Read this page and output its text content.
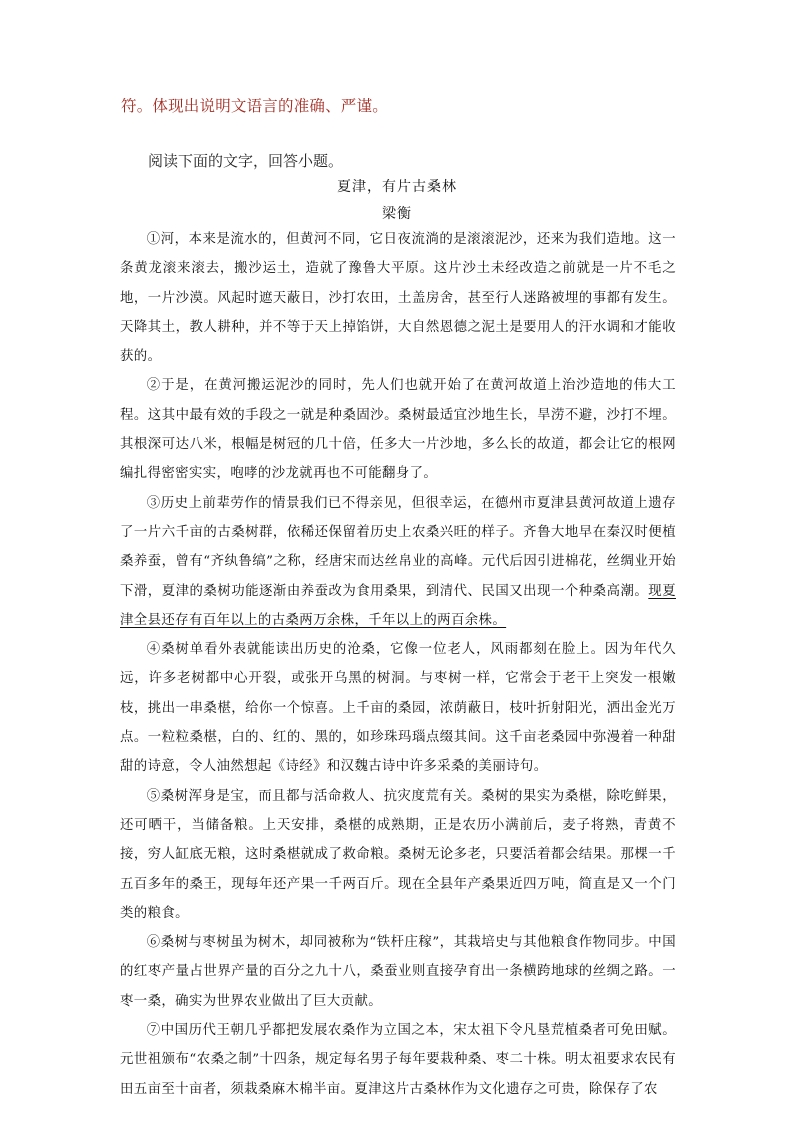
符。体现出说明文语言的准确、严谨。
阅读下面的文字，回答小题。
夏津，有片古桑林
梁衡

①河，本来是流水的，但黄河不同，它日夜流淌的是滚滚泥沙，还来为我们造地。这一条黄龙滚来滚去，搬沙运土，造就了豫鲁大平原。这片沙土未经改造之前就是一片不毛之地，一片沙漠。风起时遮天蔽日，沙打农田，土盖房舍，甚至行人迷路被埋的事都有发生。天降其土，教人耕种，并不等于天上掉馅饼，大自然恩德之泥土是要用人的汗水调和才能收获的。

②于是，在黄河搬运泥沙的同时，先人们也就开始了在黄河故道上治沙造地的伟大工程。这其中最有效的手段之一就是种桑固沙。桑树最适宜沙地生长，旱涝不避，沙打不埋。其根深可达八米，根幅是树冠的几十倍，任多大一片沙地，多么长的故道，都会让它的根网编扎得密密实实，咆哮的沙龙就再也不可能翻身了。

③历史上前辈劳作的情景我们已不得亲见，但很幸运，在德州市夏津县黄河故道上遗存了一片六千亩的古桑树群，依稀还保留着历史上农桑兴旺的样子。齐鲁大地早在秦汉时便植桑养蚕，曾有“齐纨鲁缟”之称，经唐宋而达丝帛业的高峰。元代后因引进棉花，丝绸业开始下滑，夏津的桑树功能逐渐由养蚕改为食用桑果，到清代、民国又出现一个种桑高潮。现夏津全县还存有百年以上的古桑两万余株，千年以上的两百余株。

④桑树单看外表就能读出历史的沧桑，它像一位老人，风雨都刻在脸上。因为年代久远，许多老树都中心开裂，或张开乌黑的树洞。与枣树一样，它常会于老干上突发一根嫩枝，挑出一串桑椹，给你一个惊喜。上千亩的桑园，浓荫蔽日，枝叶折射阳光，洒出金光万点。一粒粒桑椹，白的、红的、黑的，如珍珠玛瑙点缀其间。这千亩老桑园中弥漫着一种甜甜的诗意，令人油然想起《诗经》和汉魏古诗中许多采桑的美丽诗句。

⑤桑树浑身是宝，而且都与活命救人、抗灾度荒有关。桑树的果实为桑椹，除吃鲜果，还可晒干，当储备粮。上天安排，桑椹的成熟期，正是农历小满前后，麦子将熟，青黄不接，穷人缸底无粮，这时桑椹就成了救命粮。桑树无论多老，只要活着都会结果。那棵一千五百多年的桑王，现每年还产果一千两百斤。现在全县年产桑果近四万吨，简直是又一个门类的粮食。

⑥桑树与枣树虽为树木，却同被称为“铁杆庄稼”，其栽培史与其他粮食作物同步。中国的红枣产量占世界产量的百分之九十八，桑蚕业则直接孕育出一条横跨地球的丝绸之路。一枣一桑，确实为世界农业做出了巨大贡献。

⑦中国历代王朝几乎都把发展农桑作为立国之本，宋太祖下令凡垦荒植桑者可免田赋。元世祖颁布“农桑之制”十四条，规定每名男子每年要栽种桑、枣二十株。明太祖要求农民有田五亩至十亩者，须栽桑麻木棉半亩。夏津这片古桑林作为文化遗存之可贵，除保存了农
